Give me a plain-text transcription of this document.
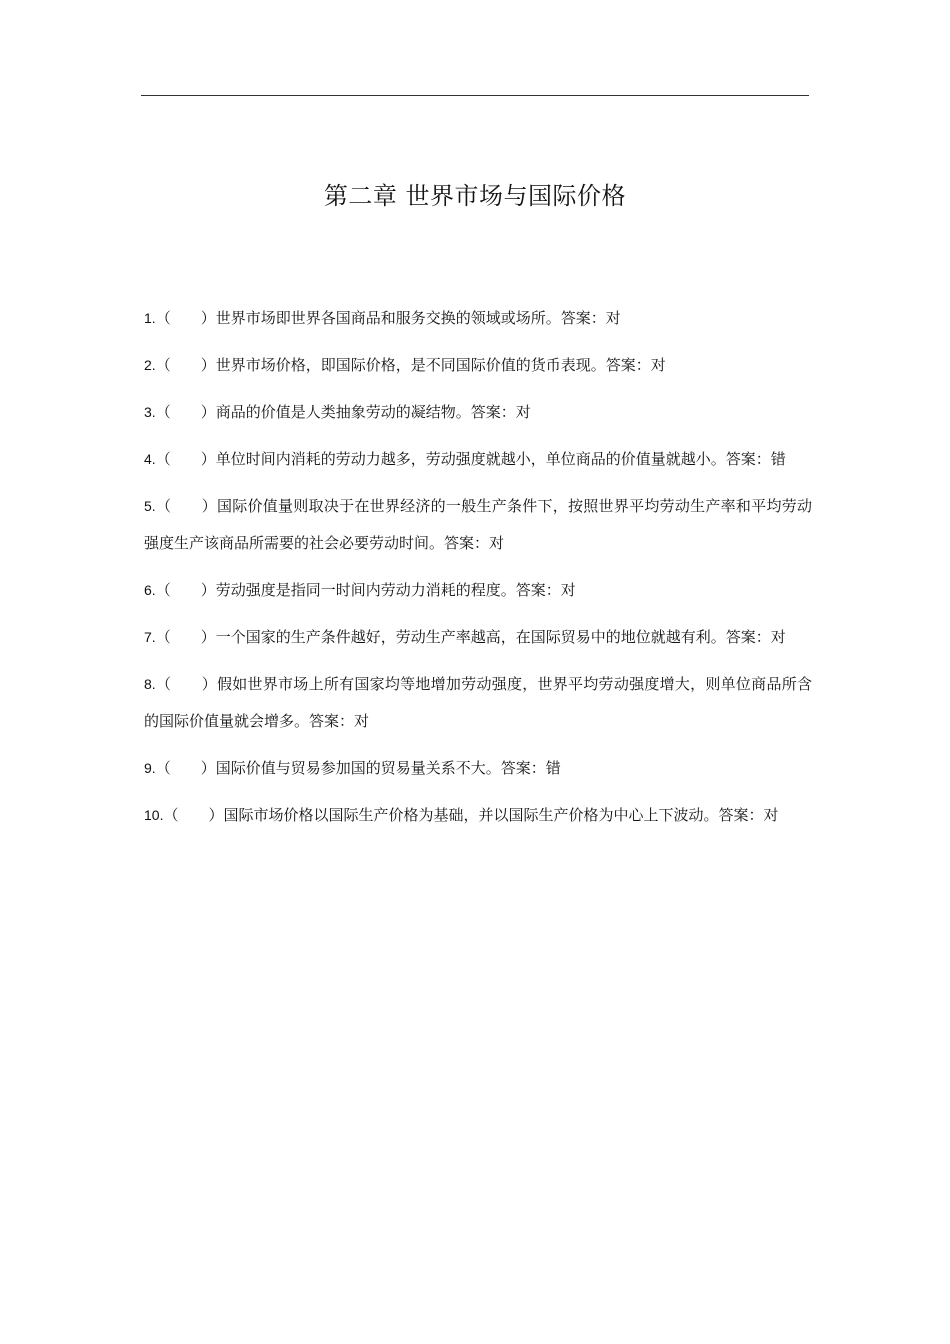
第二章 世界市场与国际价格
1.（　　）世界市场即世界各国商品和服务交换的领域或场所。答案：对
2.（　　）世界市场价格，即国际价格，是不同国际价值的货币表现。答案：对
3.（　　）商品的价值是人类抽象劳动的凝结物。答案：对
4.（　　）单位时间内消耗的劳动力越多，劳动强度就越小，单位商品的价值量就越小。答案：错
5.（　　）国际价值量则取决于在世界经济的一般生产条件下，按照世界平均劳动生产率和平均劳动强度生产该商品所需要的社会必要劳动时间。答案：对
6.（　　）劳动强度是指同一时间内劳动力消耗的程度。答案：对
7.（　　）一个国家的生产条件越好，劳动生产率越高，在国际贸易中的地位就越有利。答案：对
8.（　　）假如世界市场上所有国家均等地增加劳动强度，世界平均劳动强度增大，则单位商品所含的国际价值量就会增多。答案：对
9.（　　）国际价值与贸易参加国的贸易量关系不大。答案：错
10.（　　）国际市场价格以国际生产价格为基础，并以国际生产价格为中心上下波动。答案：对
